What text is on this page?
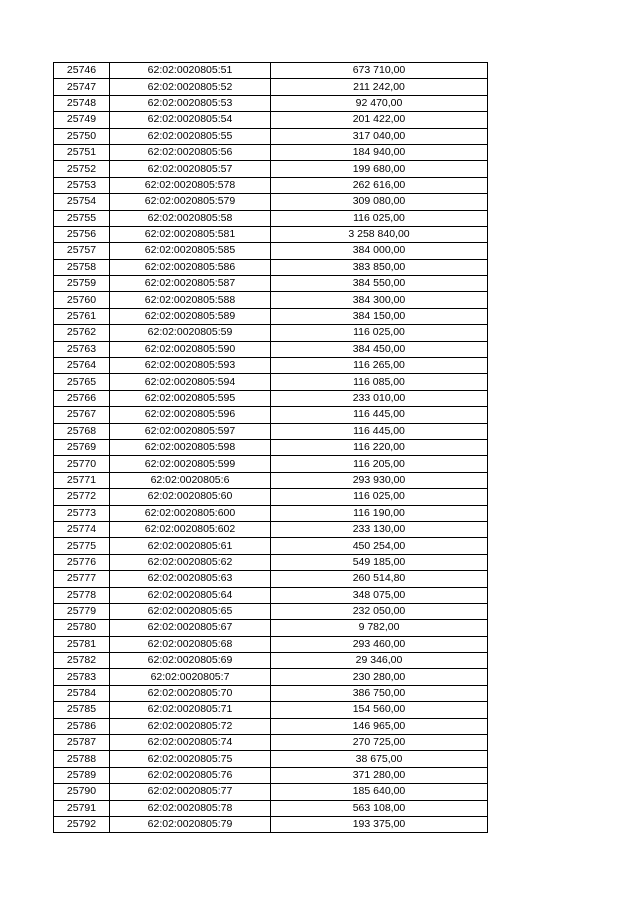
25746	62:02:0020805:51	673 710,00
25747	62:02:0020805:52	211 242,00
25748	62:02:0020805:53	92 470,00
25749	62:02:0020805:54	201 422,00
25750	62:02:0020805:55	317 040,00
25751	62:02:0020805:56	184 940,00
25752	62:02:0020805:57	199 680,00
25753	62:02:0020805:578	262 616,00
25754	62:02:0020805:579	309 080,00
25755	62:02:0020805:58	116 025,00
25756	62:02:0020805:581	3 258 840,00
25757	62:02:0020805:585	384 000,00
25758	62:02:0020805:586	383 850,00
25759	62:02:0020805:587	384 550,00
25760	62:02:0020805:588	384 300,00
25761	62:02:0020805:589	384 150,00
25762	62:02:0020805:59	116 025,00
25763	62:02:0020805:590	384 450,00
25764	62:02:0020805:593	116 265,00
25765	62:02:0020805:594	116 085,00
25766	62:02:0020805:595	233 010,00
25767	62:02:0020805:596	116 445,00
25768	62:02:0020805:597	116 445,00
25769	62:02:0020805:598	116 220,00
25770	62:02:0020805:599	116 205,00
25771	62:02:0020805:6	293 930,00
25772	62:02:0020805:60	116 025,00
25773	62:02:0020805:600	116 190,00
25774	62:02:0020805:602	233 130,00
25775	62:02:0020805:61	450 254,00
25776	62:02:0020805:62	549 185,00
25777	62:02:0020805:63	260 514,80
25778	62:02:0020805:64	348 075,00
25779	62:02:0020805:65	232 050,00
25780	62:02:0020805:67	9 782,00
25781	62:02:0020805:68	293 460,00
25782	62:02:0020805:69	29 346,00
25783	62:02:0020805:7	230 280,00
25784	62:02:0020805:70	386 750,00
25785	62:02:0020805:71	154 560,00
25786	62:02:0020805:72	146 965,00
25787	62:02:0020805:74	270 725,00
25788	62:02:0020805:75	38 675,00
25789	62:02:0020805:76	371 280,00
25790	62:02:0020805:77	185 640,00
25791	62:02:0020805:78	563 108,00
25792	62:02:0020805:79	193 375,00
